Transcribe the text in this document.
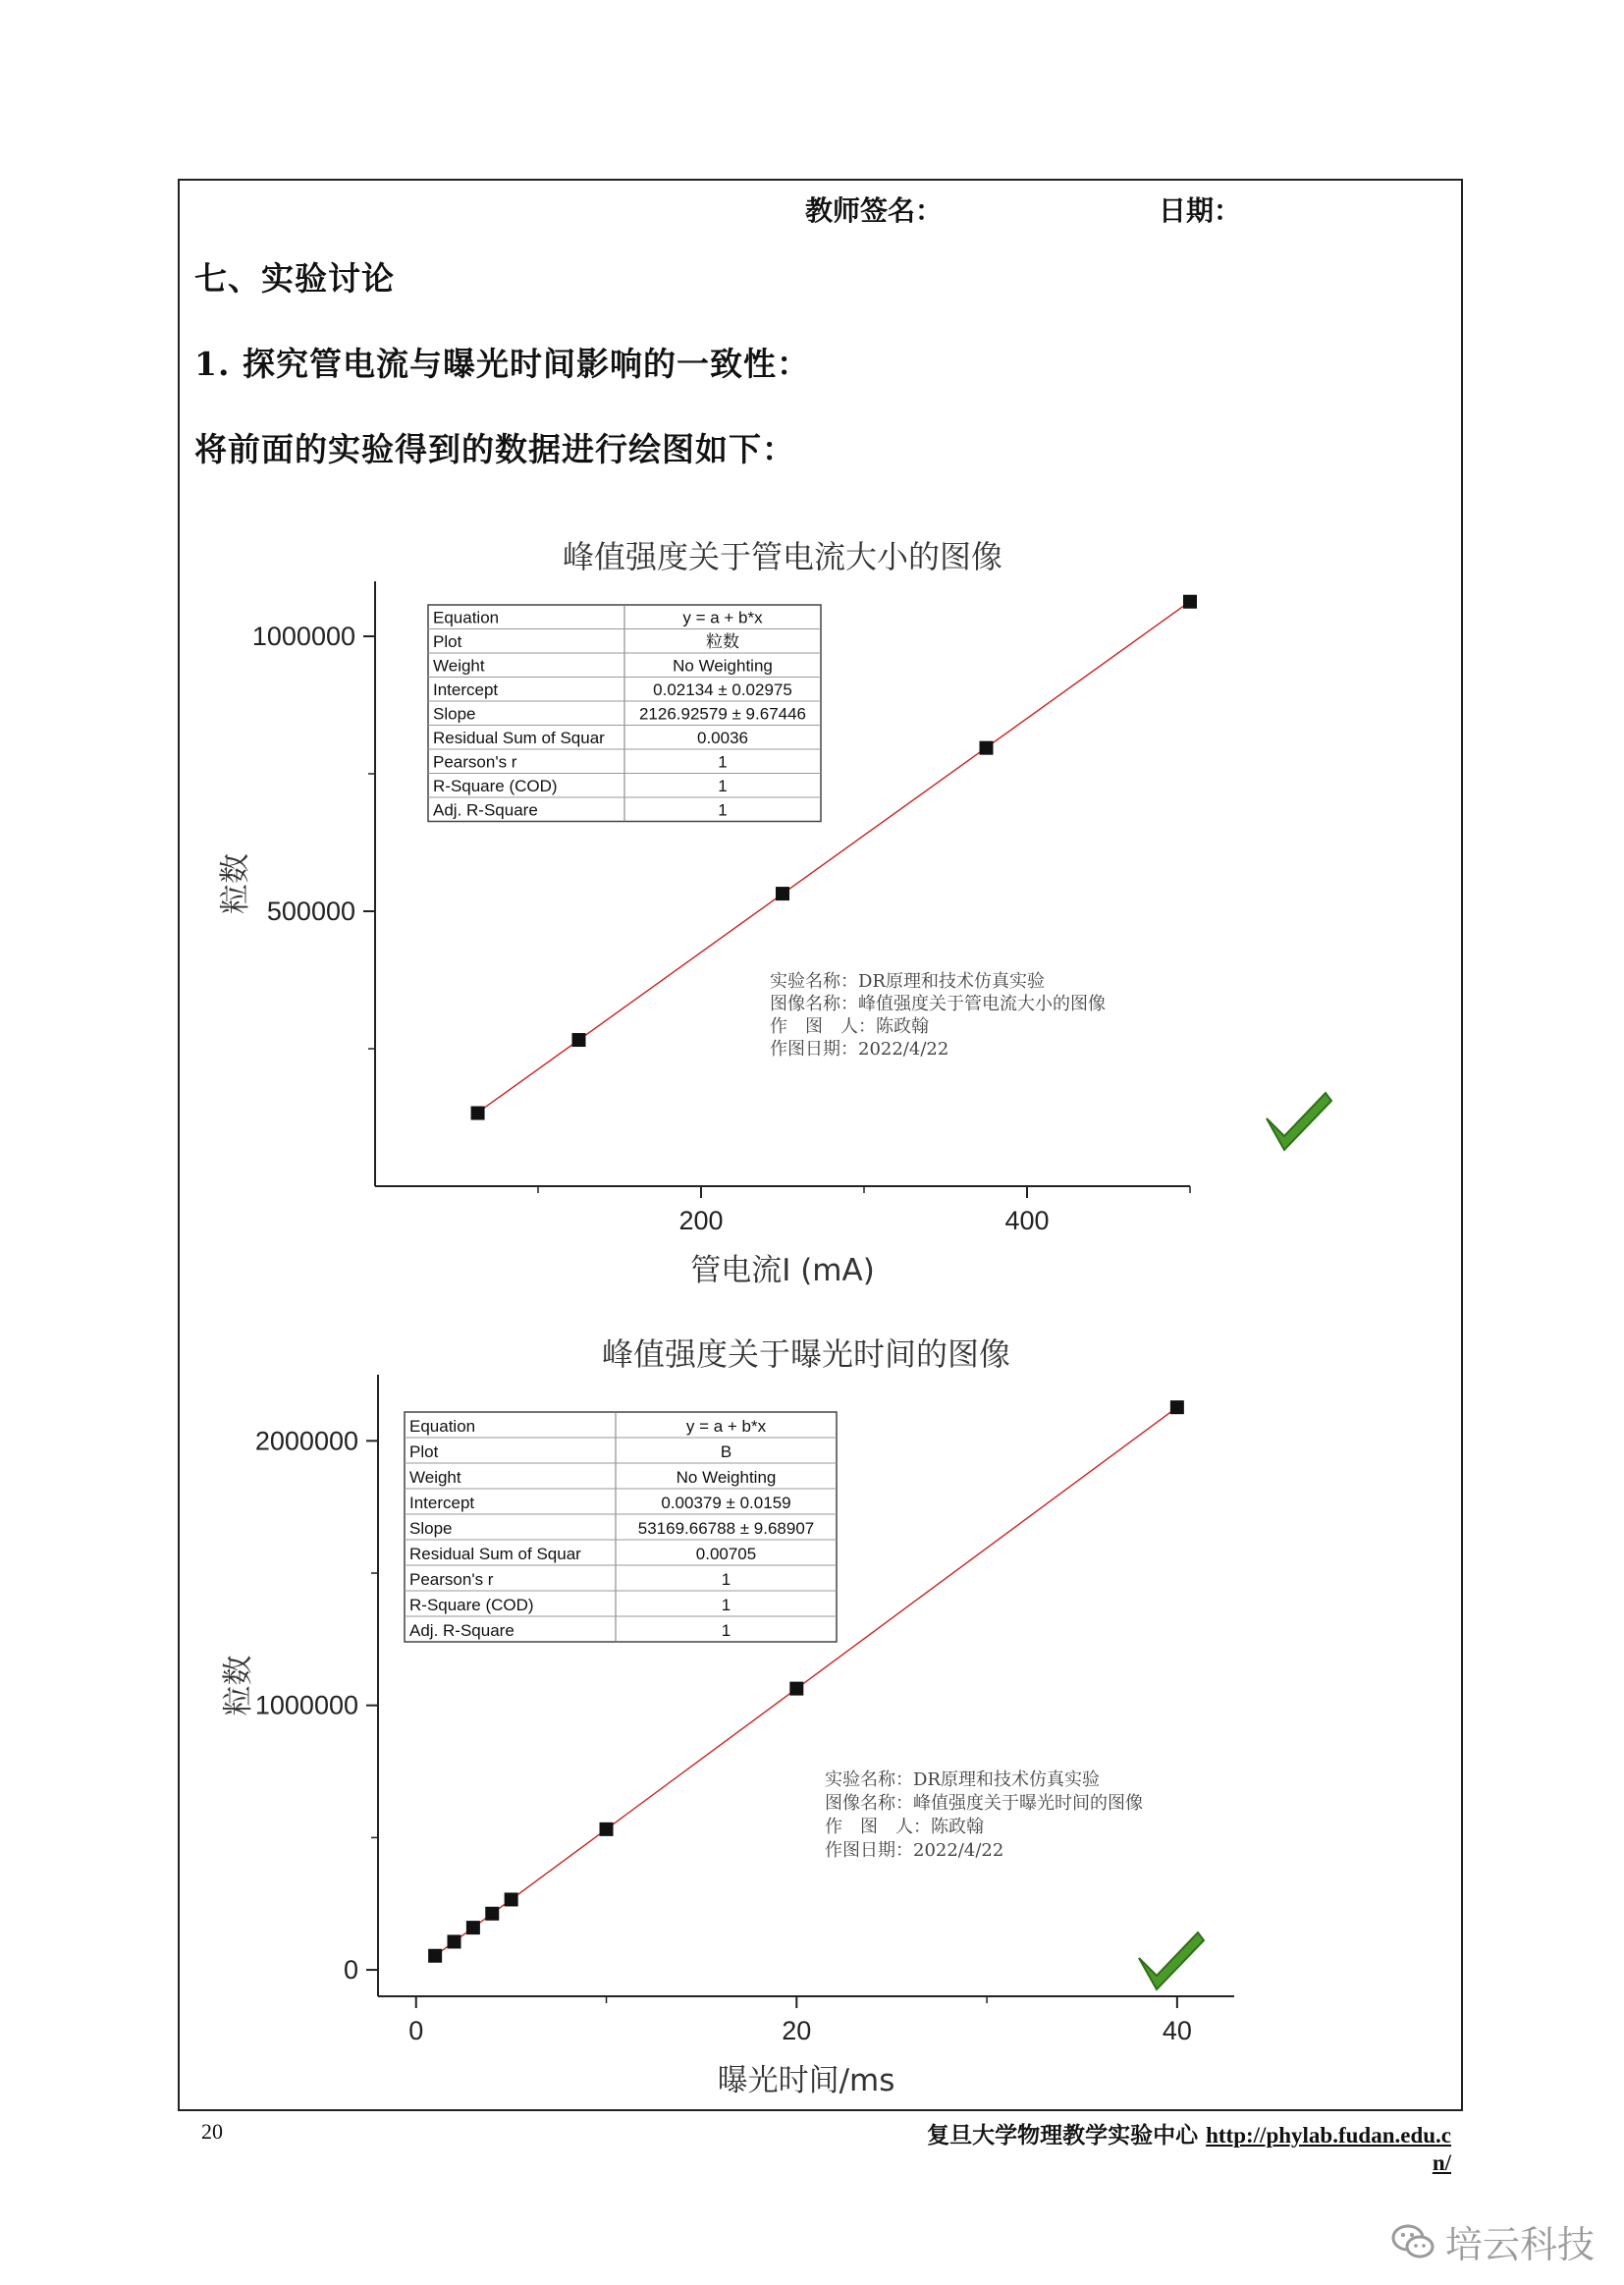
教师签名：	日期：
七、实验讨论
1. 探究管电流与曝光时间影响的一致性：
将前面的实验得到的数据进行绘图如下：
峰值强度关于管电流大小的图像
200	400
500000
1000000
管电流I (mA)
粒数
Equation	y = a + b*x
Plot	粒数
Weight	No Weighting
Intercept	0.02134 ± 0.02975
Slope	2126.92579 ± 9.67446
Residual Sum of Squar	0.0036
Pearson's r	1
R-Square (COD)	1
Adj. R-Square	1
实验名称：DR原理和技术仿真实验
图像名称：峰值强度关于管电流大小的图像
作　图　人：陈政翰
作图日期：2022/4/22
峰值强度关于曝光时间的图像
0	20	40
0
1000000
2000000
曝光时间/ms
粒数
Equation	y = a + b*x
Plot	B
Weight	No Weighting
Intercept	0.00379 ± 0.0159
Slope	53169.66788 ± 9.68907
Residual Sum of Squar	0.00705
Pearson's r	1
R-Square (COD)	1
Adj. R-Square	1
实验名称：DR原理和技术仿真实验
图像名称：峰值强度关于曝光时间的图像
作　图　人：陈政翰
作图日期：2022/4/22
20	复旦大学物理教学实验中心 http://phylab.fudan.edu.c
n/
培云科技
